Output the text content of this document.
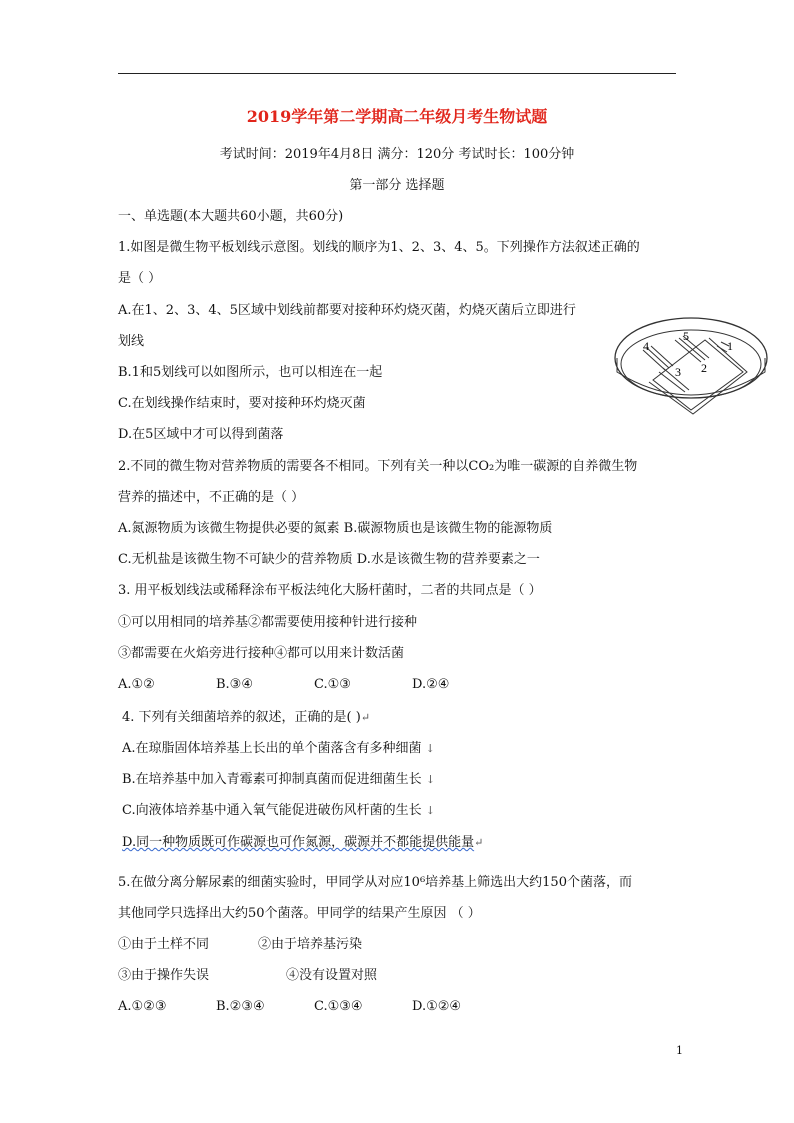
2019学年第二学期高二年级月考生物试题
考试时间：2019年4月8日 满分：120分 考试时长：100分钟
第一部分 选择题
一、单选题(本大题共60小题，共60分)
1.如图是微生物平板划线示意图。划线的顺序为1、2、3、4、5。下列操作方法叙述正确的
是（ ）
A.在1、2、3、4、5区域中划线前都要对接种环灼烧灭菌，灼烧灭菌后立即进行
划线
B.1和5划线可以如图所示，也可以相连在一起
C.在划线操作结束时，要对接种环灼烧灭菌
D.在5区域中才可以得到菌落
1
2
3
4
5
2.不同的微生物对营养物质的需要各不相同。下列有关一种以CO₂为唯一碳源的自养微生物
营养的描述中，不正确的是（ ）
A.氮源物质为该微生物提供必要的氮素 B.碳源物质也是该微生物的能源物质
C.无机盐是该微生物不可缺少的营养物质 D.水是该微生物的营养要素之一
3. 用平板划线法或稀释涂布平板法纯化大肠杆菌时，二者的共同点是（ ）
①可以用相同的培养基②都需要使用接种针进行接种
③都需要在火焰旁进行接种④都可以用来计数活菌
A.①②	B.③④	C.①③	D.②④
4. 下列有关细菌培养的叙述，正确的是( )↵
A.在琼脂固体培养基上长出的单个菌落含有多种细菌 ↓
B.在培养基中加入青霉素可抑制真菌而促进细菌生长 ↓
C.向液体培养基中通入氧气能促进破伤风杆菌的生长 ↓
D.同一种物质既可作碳源也可作氮源，碳源并不都能提供能量↵
5.在做分离分解尿素的细菌实验时，甲同学从对应10⁶培养基上筛选出大约150个菌落，而
其他同学只选择出大约50个菌落。甲同学的结果产生原因 （ ）
①由于土样不同	②由于培养基污染
③由于操作失误	④没有设置对照
A.①②③	B.②③④	C.①③④	D.①②④
1
